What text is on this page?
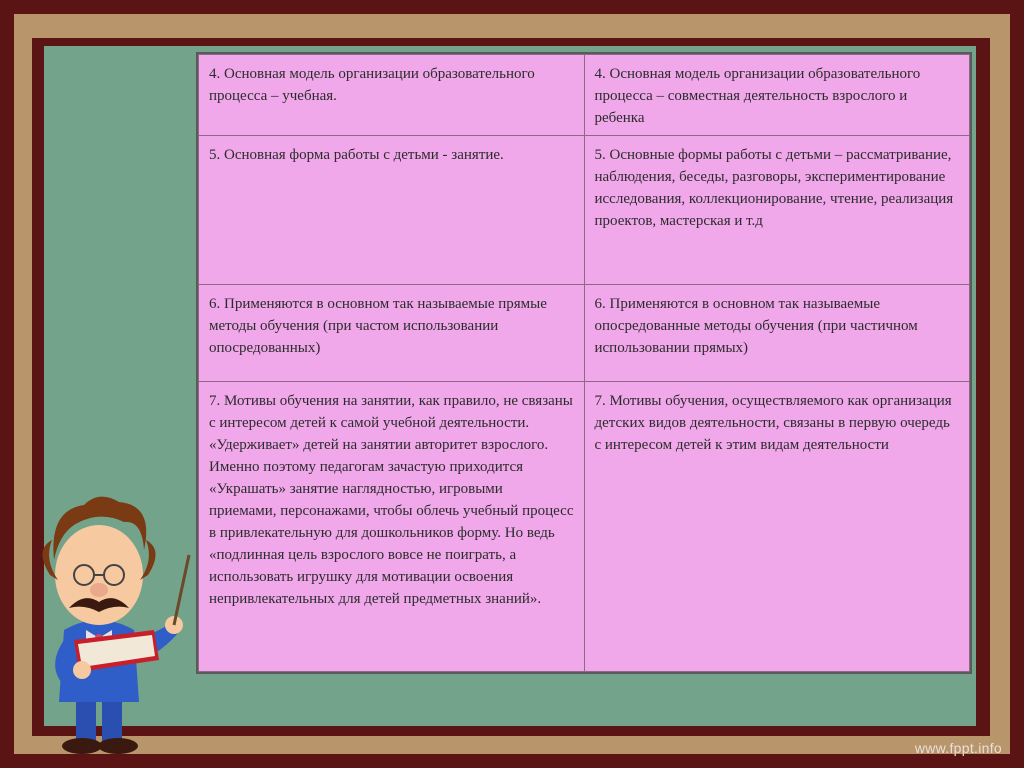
4. Основная модель организации образовательного процесса – учебная.	4. Основная модель организации образовательного процесса – совместная деятельность взрослого и ребенка
5. Основная форма работы с детьми - занятие.	5. Основные формы работы с детьми – рассматривание, наблюдения, беседы, разговоры, экспериментирование исследования, коллекционирование, чтение, реализация проектов, мастерская и т.д
6. Применяются в основном так называемые прямые методы обучения (при частом использовании опосредованных)	6. Применяются в основном так называемые опосредованные методы обучения (при частичном использовании прямых)
7. Мотивы обучения на занятии, как правило, не связаны с интересом детей к самой учебной деятельности. «Удерживает» детей на занятии авторитет взрослого. Именно поэтому педагогам зачастую приходится «Украшать» занятие наглядностью, игровыми приемами, персонажами, чтобы облечь учебный процесс в привлекательную для дошкольников форму. Но ведь «подлинная цель взрослого вовсе не поиграть, а использовать игрушку для мотивации освоения непривлекательных для детей предметных знаний».	7. Мотивы обучения, осуществляемого как организация детских видов деятельности, связаны в первую очередь с интересом детей к этим видам деятельности
www.fppt.info
